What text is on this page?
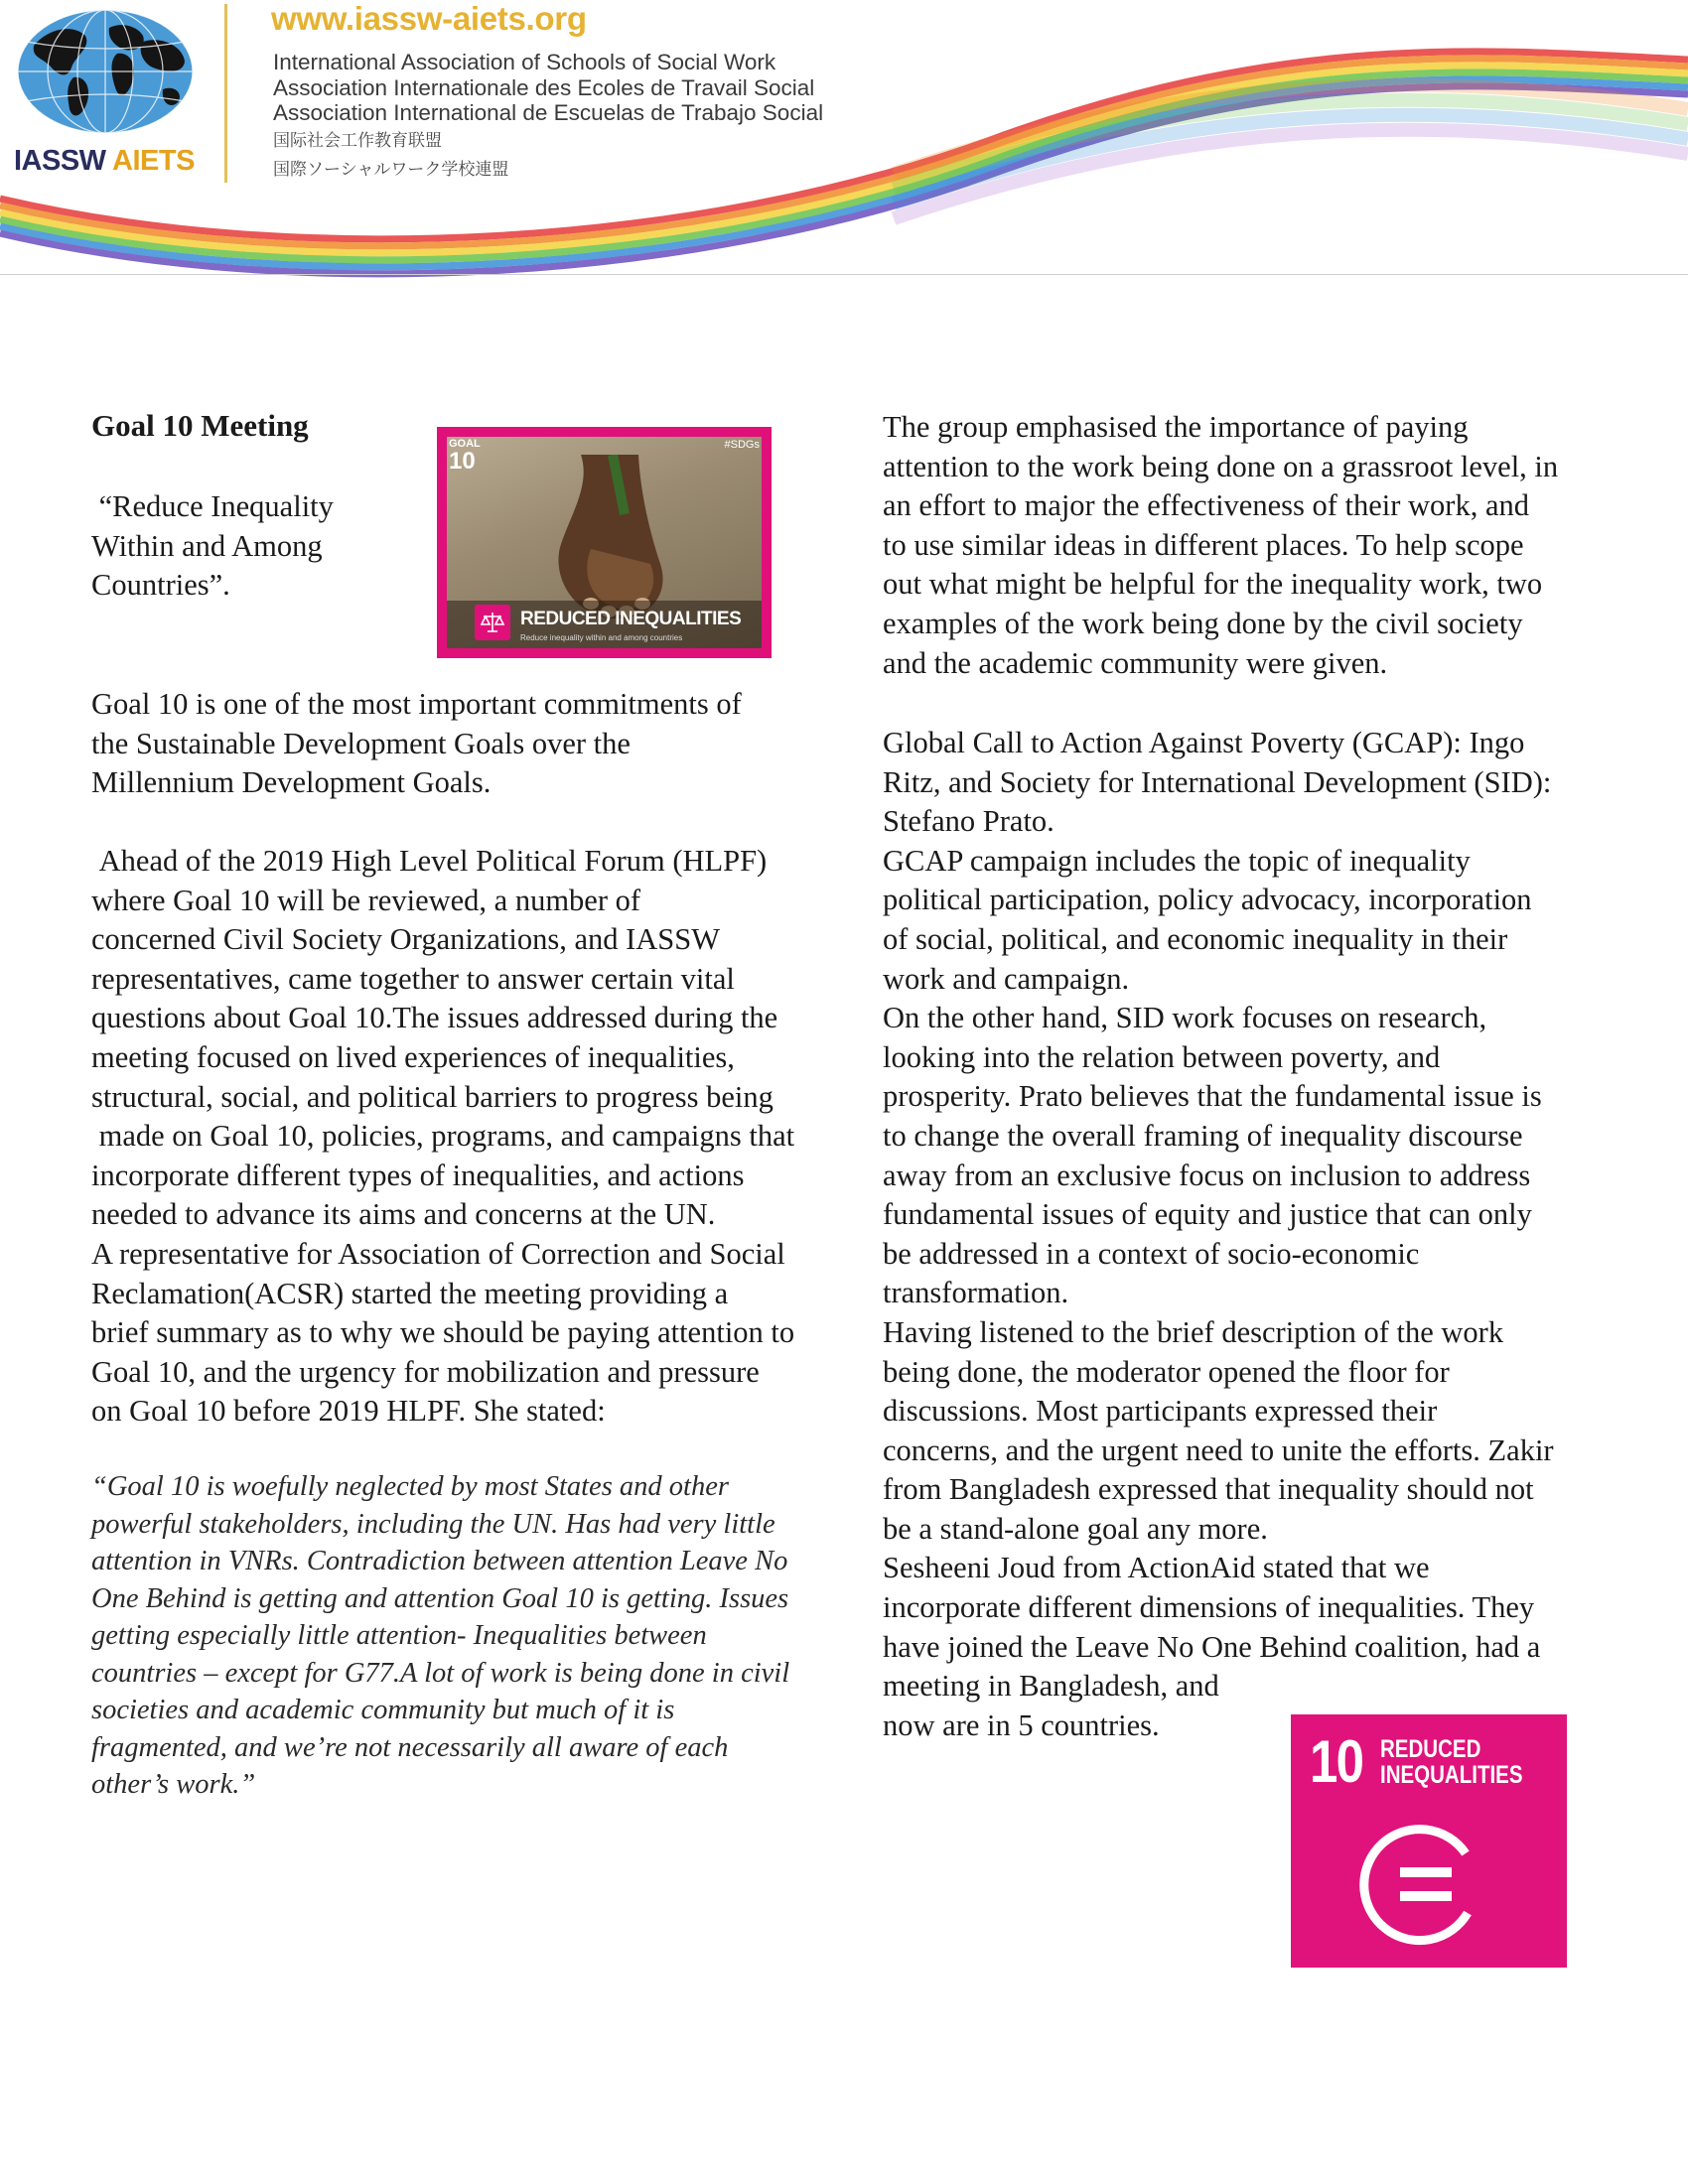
IASSW AIETS
www.iassw-aiets.org
International Association of Schools of Social Work
Association Internationale des Ecoles de Travail Social
Association International de Escuelas de Trabajo Social
国际社会工作教育联盟
国際ソーシャルワーク学校連盟
Goal 10 Meeting
“Reduce Inequality
Within and Among
Countries”.
GOAL
10
#SDGs
REDUCED INEQUALITIES
Reduce inequality within and among countries
Goal 10 is one of the most important commitments of
the Sustainable Development Goals over the
Millennium Development Goals.
Ahead of the 2019 High Level Political Forum (HLPF)
where Goal 10 will be reviewed, a number of
concerned Civil Society Organizations, and IASSW
representatives, came together to answer certain vital
questions about Goal 10.The issues addressed during the
meeting focused on lived experiences of inequalities,
structural, social, and political barriers to progress being
made on Goal 10, policies, programs, and campaigns that
incorporate different types of inequalities, and actions
needed to advance its aims and concerns at the UN.
A representative for Association of Correction and Social
Reclamation(ACSR) started the meeting providing a
brief summary as to why we should be paying attention to
Goal 10, and the urgency for mobilization and pressure
on Goal 10 before 2019 HLPF. She stated:
“Goal 10 is woefully neglected by most States and other
powerful stakeholders, including the UN. Has had very little
attention in VNRs. Contradiction between attention Leave No
One Behind is getting and attention Goal 10 is getting. Issues
getting especially little attention- Inequalities between
countries – except for G77.A lot of work is being done in civil
societies and academic community but much of it is
fragmented, and we’re not necessarily all aware of each
other’s work.”
The group emphasised the importance of paying
attention to the work being done on a grassroot level, in
an effort to major the effectiveness of their work, and
to use similar ideas in different places. To help scope
out what might be helpful for the inequality work, two
examples of the work being done by the civil society
and the academic community were given.
Global Call to Action Against Poverty (GCAP): Ingo
Ritz, and Society for International Development (SID):
Stefano Prato.
GCAP campaign includes the topic of inequality
political participation, policy advocacy, incorporation
of social, political, and economic inequality in their
work and campaign.
On the other hand, SID work focuses on research,
looking into the relation between poverty, and
prosperity. Prato believes that the fundamental issue is
to change the overall framing of inequality discourse
away from an exclusive focus on inclusion to address
fundamental issues of equity and justice that can only
be addressed in a context of socio-economic
transformation.
Having listened to the brief description of the work
being done, the moderator opened the floor for
discussions. Most participants expressed their
concerns, and the urgent need to unite the efforts. Zakir
from Bangladesh expressed that inequality should not
be a stand-alone goal any more.
Sesheeni Joud from ActionAid stated that we
incorporate different dimensions of inequalities. They
have joined the Leave No One Behind coalition, had a
meeting in Bangladesh, and
now are in 5 countries.
10 REDUCED
INEQUALITIES
